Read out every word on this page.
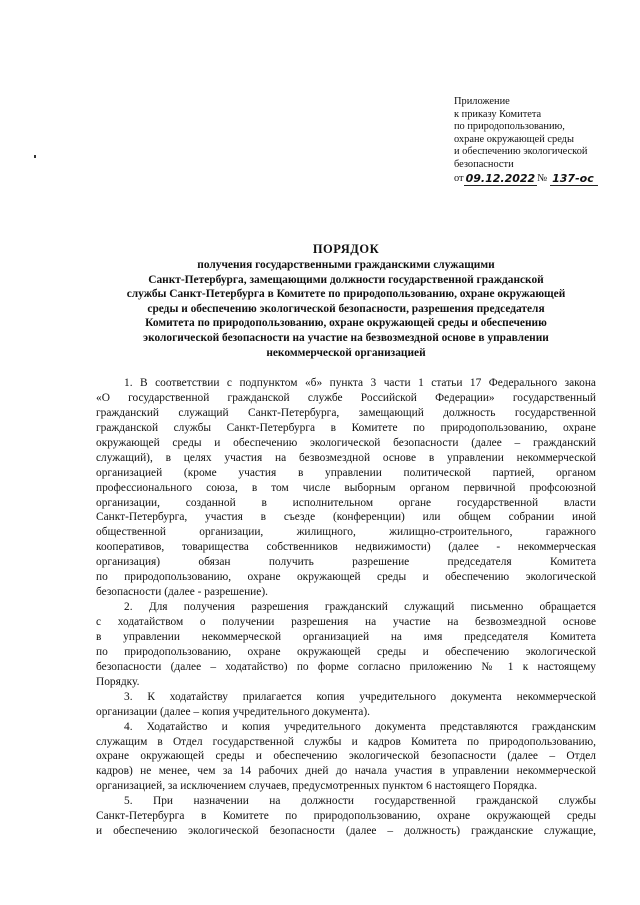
Приложение
к приказу Комитета
по природопользованию,
охране окружающей среды
и обеспечению экологической
безопасности
от 09.12.2022 № 137-ос
ПОРЯДОК
получения государственными гражданскими служащими
Санкт-Петербурга, замещающими должности государственной гражданской
службы Санкт-Петербурга в Комитете по природопользованию, охране окружающей
среды и обеспечению экологической безопасности, разрешения председателя
Комитета по природопользованию, охране окружающей среды и обеспечению
экологической безопасности на участие на безвозмездной основе в управлении
некоммерческой организацией
1. В соответствии с подпунктом «б» пункта 3 части 1 статьи 17 Федерального закона
«О государственной гражданской службе Российской Федерации» государственный
гражданский служащий Санкт-Петербурга, замещающий должность государственной
гражданской службы Санкт-Петербурга в Комитете по природопользованию, охране
окружающей среды и обеспечению экологической безопасности (далее – гражданский
служащий), в целях участия на безвозмездной основе в управлении некоммерческой
организацией (кроме участия в управлении политической партией, органом
профессионального союза, в том числе выборным органом первичной профсоюзной
организации, созданной в исполнительном органе государственной власти
Санкт-Петербурга, участия в съезде (конференции) или общем собрании иной
общественной организации, жилищного, жилищно-строительного, гаражного
кооперативов, товарищества собственников недвижимости) (далее - некоммерческая
организация) обязан получить разрешение председателя Комитета
по природопользованию, охране окружающей среды и обеспечению экологической
безопасности (далее - разрешение).
2. Для получения разрешения гражданский служащий письменно обращается
с ходатайством о получении разрешения на участие на безвозмездной основе
в управлении некоммерческой организацией на имя председателя Комитета
по природопользованию, охране окружающей среды и обеспечению экологической
безопасности (далее – ходатайство) по форме согласно приложению № 1 к настоящему
Порядку.
3. К ходатайству прилагается копия учредительного документа некоммерческой
организации (далее – копия учредительного документа).
4. Ходатайство и копия учредительного документа представляются гражданским
служащим в Отдел государственной службы и кадров Комитета по природопользованию,
охране окружающей среды и обеспечению экологической безопасности (далее – Отдел
кадров) не менее, чем за 14 рабочих дней до начала участия в управлении некоммерческой
организацией, за исключением случаев, предусмотренных пунктом 6 настоящего Порядка.
5. При назначении на должности государственной гражданской службы
Санкт-Петербурга в Комитете по природопользованию, охране окружающей среды
и обеспечению экологической безопасности (далее – должность) гражданские служащие,
